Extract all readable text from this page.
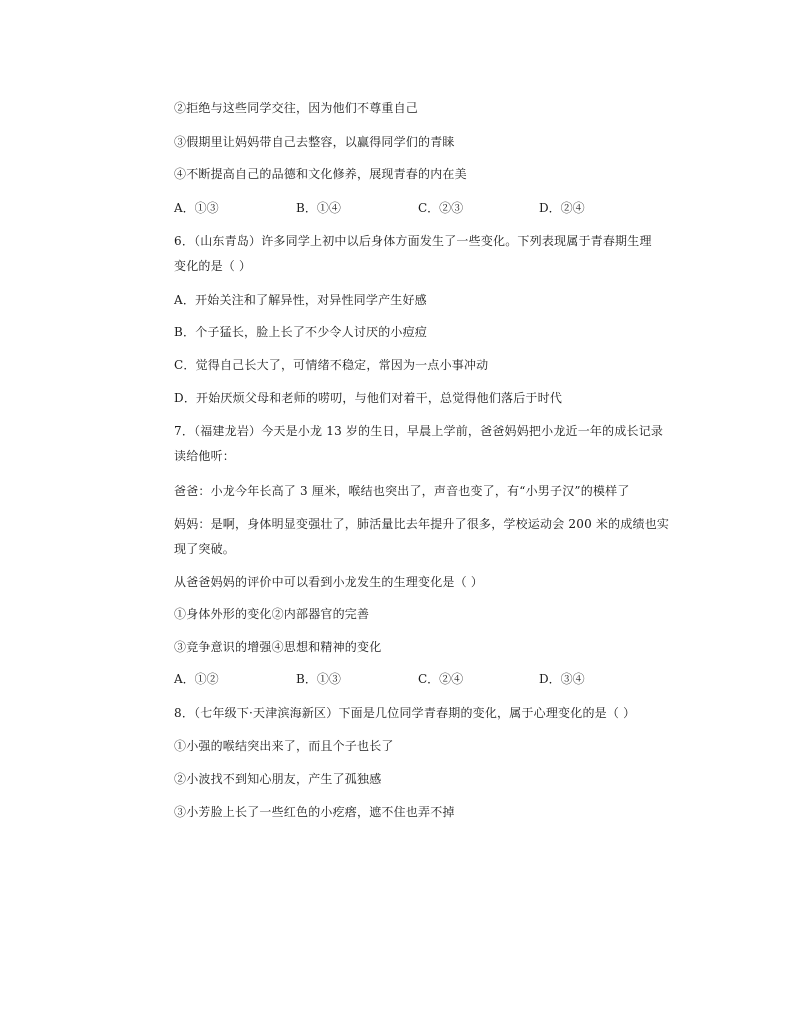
②拒绝与这些同学交往，因为他们不尊重自己
③假期里让妈妈带自己去整容，以赢得同学们的青睐
④不断提高自己的品德和文化修养，展现青春的内在美
A．①③	B．①④	C．②③	D．②④
6．（山东青岛）许多同学上初中以后身体方面发生了一些变化。下列表现属于青春期生理
变化的是（ ）
A．开始关注和了解异性，对异性同学产生好感
B．个子猛长，脸上长了不少令人讨厌的小痘痘
C．觉得自己长大了，可情绪不稳定，常因为一点小事冲动
D．开始厌烦父母和老师的唠叨，与他们对着干，总觉得他们落后于时代
7．（福建龙岩）今天是小龙 13 岁的生日，早晨上学前，爸爸妈妈把小龙近一年的成长记录
读给他听：
爸爸：小龙今年长高了 3 厘米，喉结也突出了，声音也变了，有“小男子汉”的模样了
妈妈：是啊，身体明显变强壮了，肺活量比去年提升了很多，学校运动会 200 米的成绩也实
现了突破。
从爸爸妈妈的评价中可以看到小龙发生的生理变化是（ ）
①身体外形的变化②内部器官的完善
③竞争意识的增强④思想和精神的变化
A．①②	B．①③	C．②④	D．③④
8．（七年级下·天津滨海新区）下面是几位同学青春期的变化，属于心理变化的是（ ）
①小强的喉结突出来了，而且个子也长了
②小波找不到知心朋友，产生了孤独感
③小芳脸上长了一些红色的小疙瘩，遮不住也弄不掉
